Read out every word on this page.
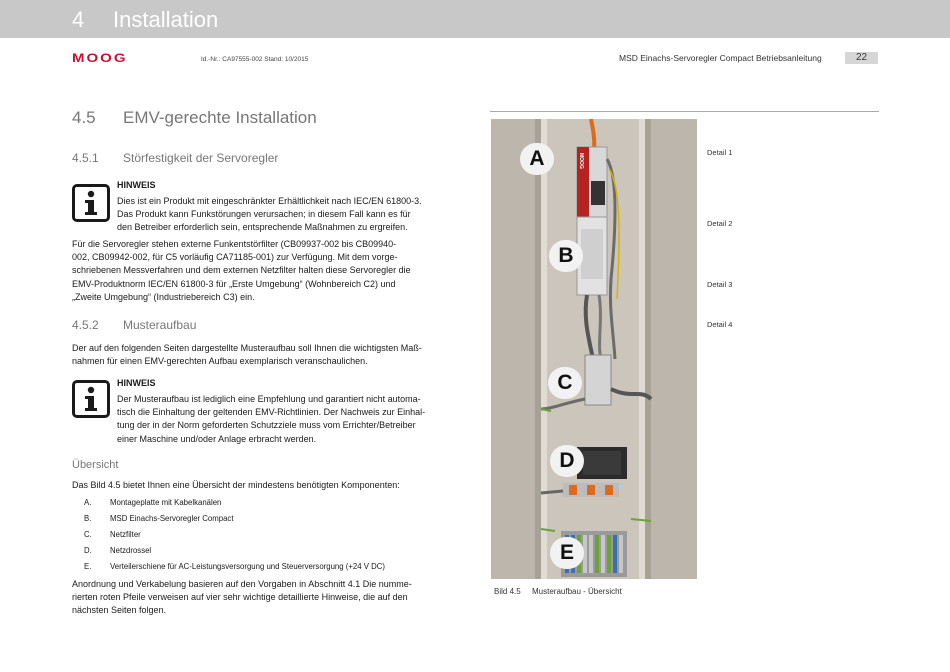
4 Installation
MOOG	Id.-Nr.: CA97555-002 Stand: 10/2015	MSD Einachs-Servoregler Compact Betriebsanleitung	22
4.5 EMV-gerechte Installation
4.5.1 Störfestigkeit der Servoregler
HINWEIS
Dies ist ein Produkt mit eingeschränkter Erhältlichkeit nach IEC/EN 61800-3.
Das Produkt kann Funkstörungen verursachen; in diesem Fall kann es für
den Betreiber erforderlich sein, entsprechende Maßnahmen zu ergreifen.
Für die Servoregler stehen externe Funkentstörfilter (CB09937-002 bis CB09940-
002, CB09942-002, für C5 vorläufig CA71185-001) zur Verfügung. Mit dem vorge-
schriebenen Messverfahren und dem externen Netzfilter halten diese Servoregler die
EMV-Produktnorm IEC/EN 61800-3 für „Erste Umgebung“ (Wohnbereich C2) und
„Zweite Umgebung“ (Industriebereich C3) ein.
4.5.2 Musteraufbau
Der auf den folgenden Seiten dargestellte Musteraufbau soll Ihnen die wichtigsten Maß-
nahmen für einen EMV-gerechten Aufbau exemplarisch veranschaulichen.
HINWEIS
Der Musteraufbau ist lediglich eine Empfehlung und garantiert nicht automa-
tisch die Einhaltung der geltenden EMV-Richtlinien. Der Nachweis zur Einhal-
tung der in der Norm geforderten Schutzziele muss vom Errichter/Betreiber
einer Maschine und/oder Anlage erbracht werden.
Übersicht
Das Bild 4.5 bietet Ihnen eine Übersicht der mindestens benötigten Komponenten:
A. Montageplatte mit Kabelkanälen
B. MSD Einachs-Servoregler Compact
C. Netzfilter
D. Netzdrossel
E. Verteilerschiene für AC-Leistungsversorgung und Steuerversorgung (+24 V DC)
Anordnung und Verkabelung basieren auf den Vorgaben in Abschnitt 4.1 Die numme-
rierten roten Pfeile verweisen auf vier sehr wichtige detaillierte Hinweise, die auf den
nächsten Seiten folgen.
MOOG
A
B
C
D
E
Detail 1
Detail 2
Detail 3
Detail 4
Bild 4.5 Musteraufbau - Übersicht
